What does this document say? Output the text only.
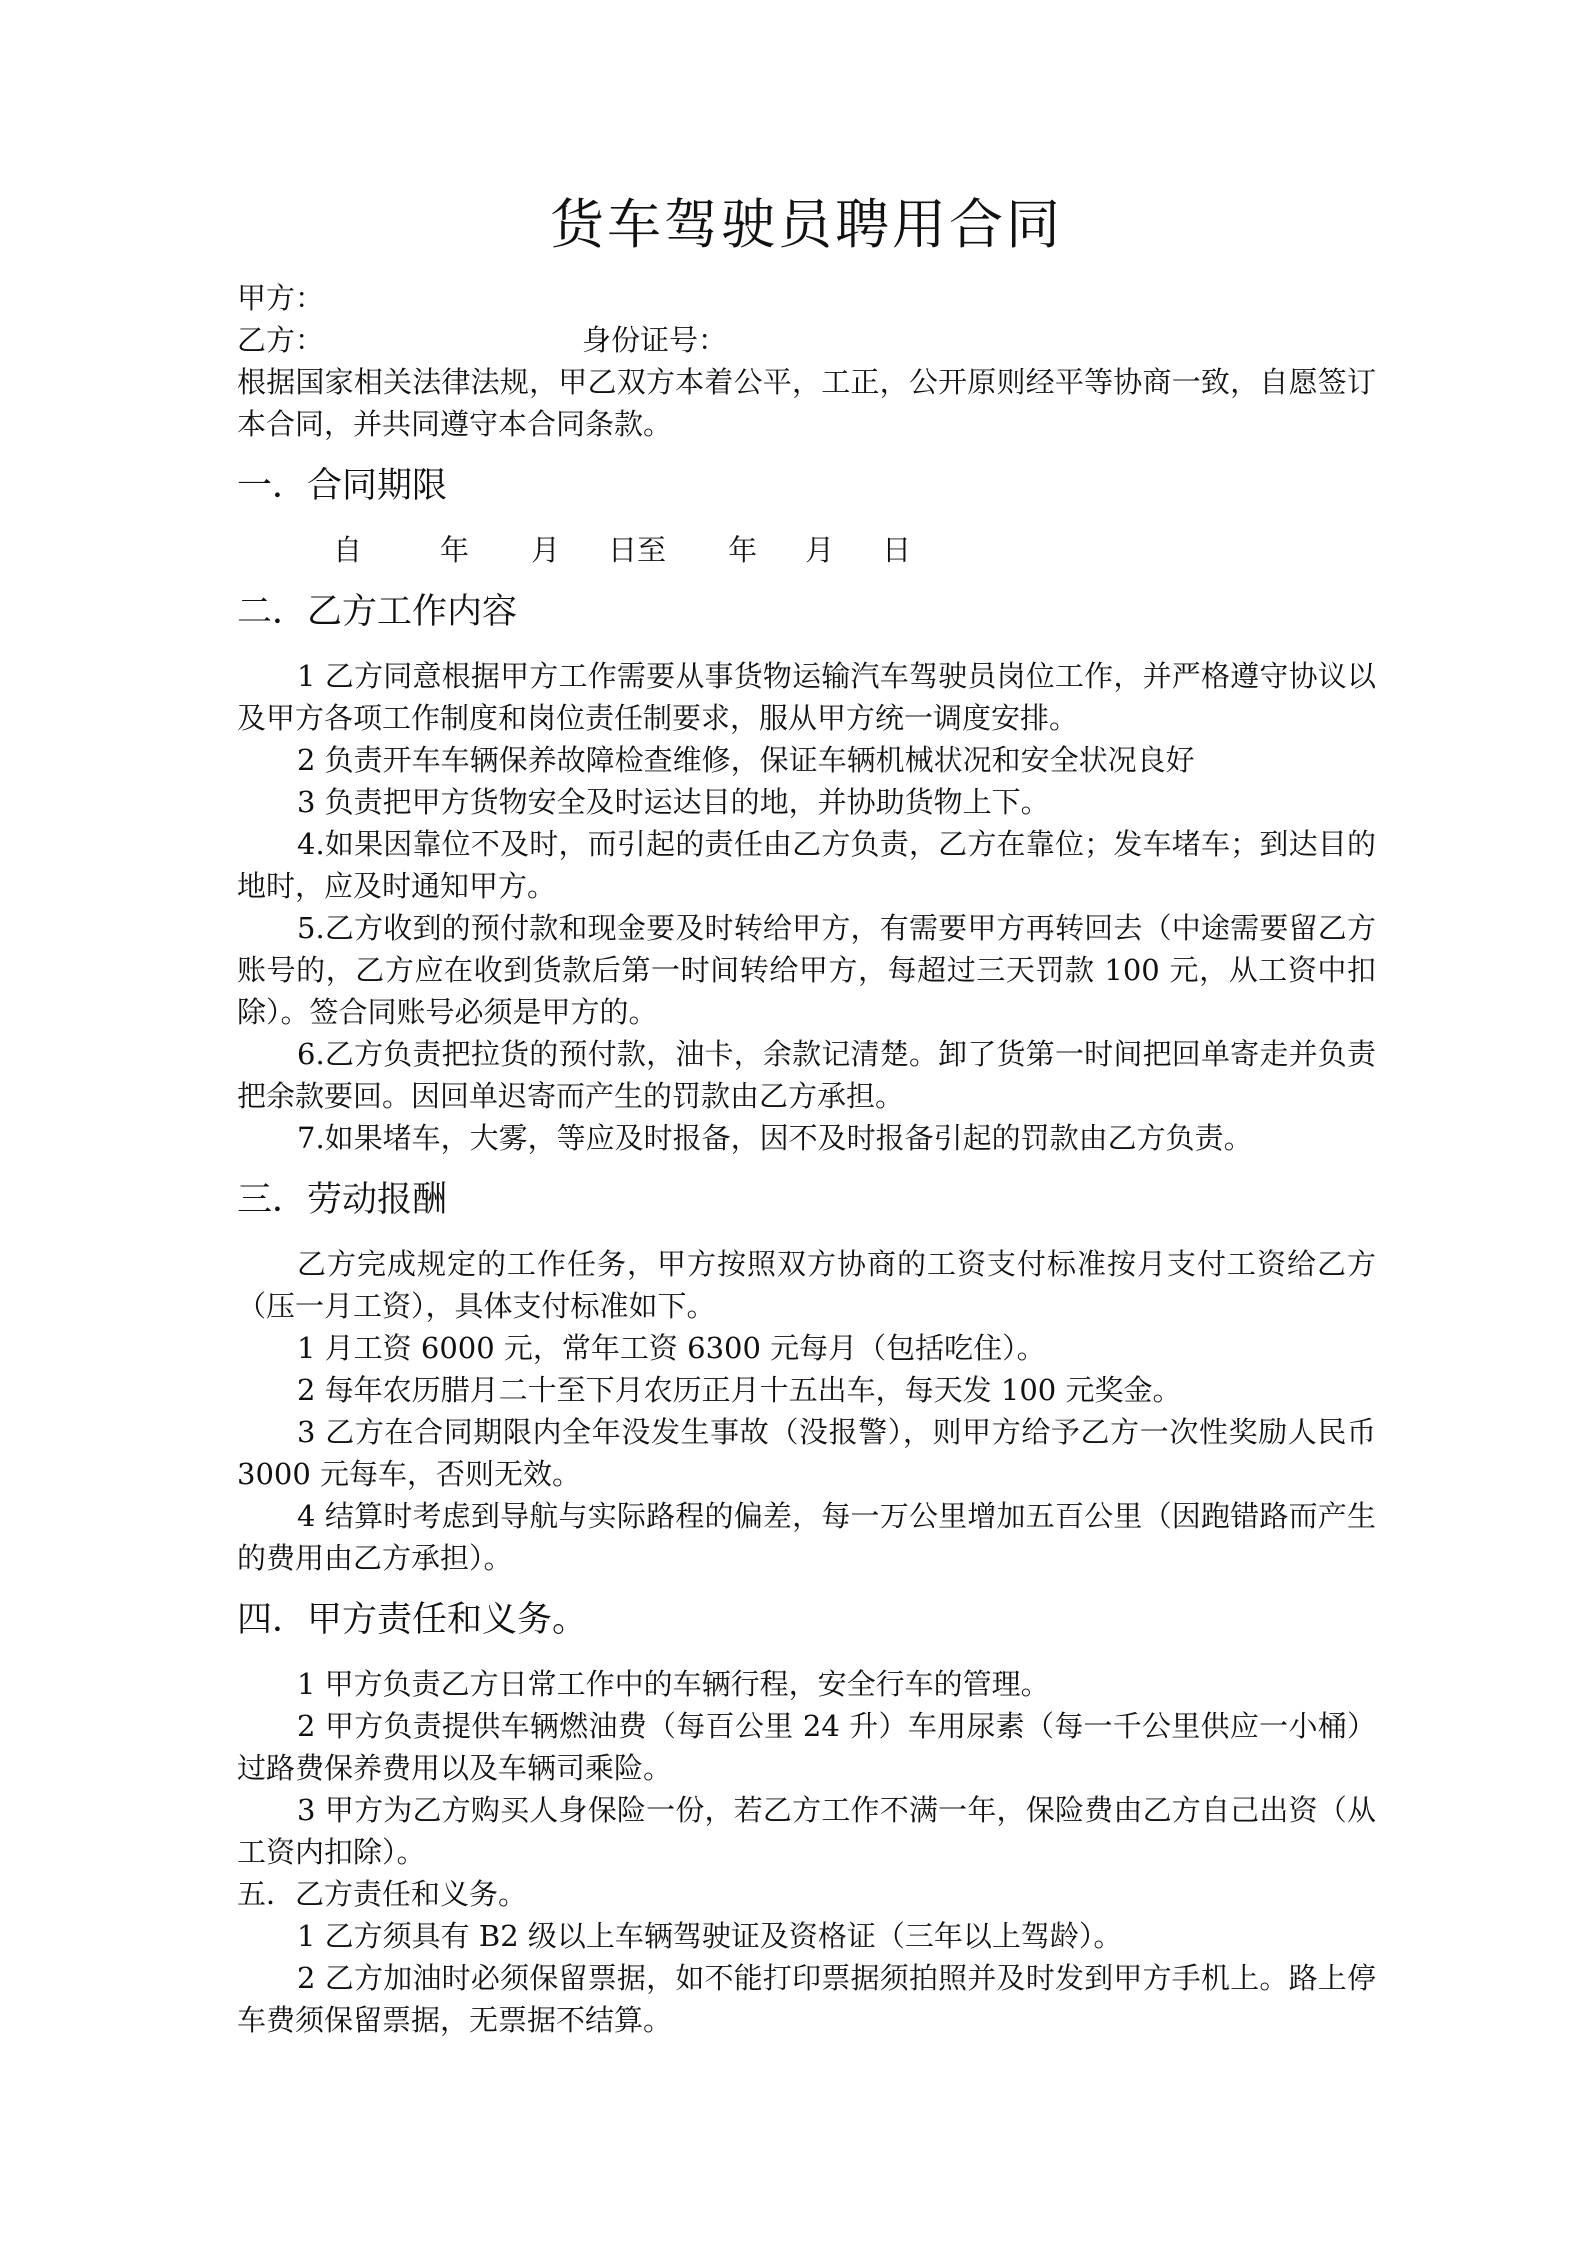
货车驾驶员聘用合同

甲方：

乙方：	身份证号：

根据国家相关法律法规，甲乙双方本着公平，工正，公开原则经平等协商一致，自愿签订本合同，并共同遵守本合同条款。

一．合同期限

自	年 月 日至 年 月 日

二．乙方工作内容

1 乙方同意根据甲方工作需要从事货物运输汽车驾驶员岗位工作，并严格遵守协议以及甲方各项工作制度和岗位责任制要求，服从甲方统一调度安排。

2 负责开车车辆保养故障检查维修，保证车辆机械状况和安全状况良好

3 负责把甲方货物安全及时运达目的地，并协助货物上下。

4.如果因靠位不及时，而引起的责任由乙方负责，乙方在靠位；发车堵车；到达目的地时，应及时通知甲方。

5.乙方收到的预付款和现金要及时转给甲方，有需要甲方再转回去（中途需要留乙方账号的，乙方应在收到货款后第一时间转给甲方，每超过三天罚款 100 元，从工资中扣除）。签合同账号必须是甲方的。

6.乙方负责把拉货的预付款，油卡，余款记清楚。卸了货第一时间把回单寄走并负责把余款要回。因回单迟寄而产生的罚款由乙方承担。

7.如果堵车，大雾，等应及时报备，因不及时报备引起的罚款由乙方负责。

三．劳动报酬

乙方完成规定的工作任务，甲方按照双方协商的工资支付标准按月支付工资给乙方（压一月工资），具体支付标准如下。

1 月工资 6000 元，常年工资 6300 元每月（包括吃住）。

2 每年农历腊月二十至下月农历正月十五出车，每天发 100 元奖金。

3 乙方在合同期限内全年没发生事故（没报警），则甲方给予乙方一次性奖励人民币 3000 元每车，否则无效。

4 结算时考虑到导航与实际路程的偏差，每一万公里增加五百公里（因跑错路而产生的费用由乙方承担）。

四．甲方责任和义务。

1 甲方负责乙方日常工作中的车辆行程，安全行车的管理。

2 甲方负责提供车辆燃油费（每百公里 24 升）车用尿素（每一千公里供应一小桶）过路费保养费用以及车辆司乘险。

3 甲方为乙方购买人身保险一份，若乙方工作不满一年，保险费由乙方自己出资（从工资内扣除）。

五．乙方责任和义务。

1 乙方须具有 B2 级以上车辆驾驶证及资格证（三年以上驾龄）。

2 乙方加油时必须保留票据，如不能打印票据须拍照并及时发到甲方手机上。路上停车费须保留票据，无票据不结算。
